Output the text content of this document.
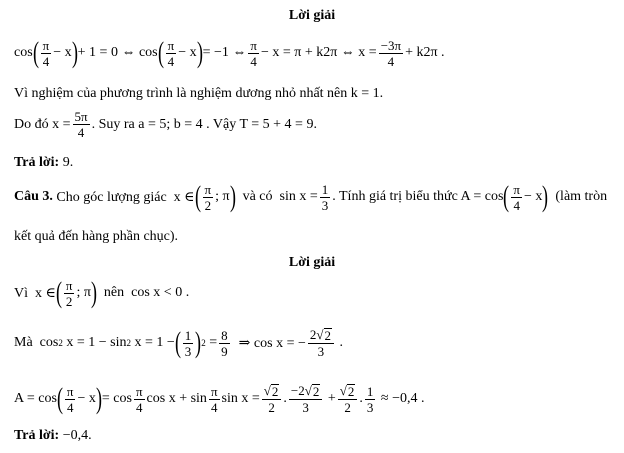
Lời giải
cos ( $\frac{\pi}{4} - x$ ) + 1 = 0 ⇔ cos ( $\frac{\pi}{4} - x$ ) = −1 ⇔ $\frac{\pi}{4} - x = \pi + k2\pi$ ⇔ $x = \frac{-3\pi}{4} + k2\pi$ .
Vì nghiệm của phương trình là nghiệm dương nhỏ nhất nên k = 1.
Do đó $x = \frac{5\pi}{4}$ . Suy ra a = 5; b = 4 . Vậy T = 5 + 4 = 9.
Trả lời: 9.
Câu 3. Cho góc lượng giác  x ∈ ( $\frac{\pi}{2}$ ; π ) và có  $\sin x = \frac{1}{3}$ . Tính giá trị biểu thức A = cos ( $\frac{\pi}{4} - x$ ) (làm tròn
kết quả đến hàng phần chục).
Lời giải
Vì  x ∈ ( $\frac{\pi}{2}$ ; π ) nên  cos x < 0 .
Mà  cos 2 x = 1 − sin 2 x = 1 − ( $\frac{1}{3}$ ) $2 = \frac{8}{9}$ ⇒ cos x = − $\frac{2 √ 2}{3}$ .
A = cos ( $\frac{\pi}{4} - x$ ) = $\cos \frac{\pi}{4}$ $\cos x + \sin \frac{\pi}{4}$ $\sin x = \frac{√ 2}{2}$ . $\frac{-2 √ 2}{3} + \frac{√ 2}{2}$ . $\frac{1}{3} \approx -0,4$ .
Trả lời: −0,4.
